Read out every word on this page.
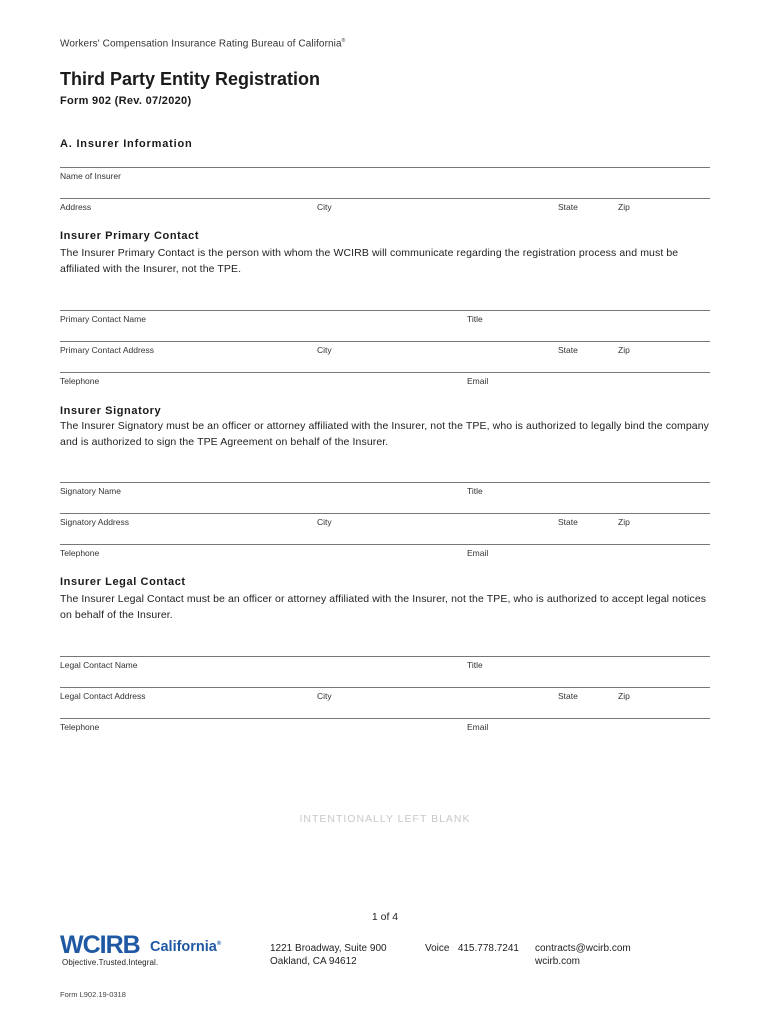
Workers' Compensation Insurance Rating Bureau of California®
Third Party Entity Registration
Form 902 (Rev. 07/2020)
A. Insurer Information
Name of Insurer
Address	City	State	Zip
Insurer Primary Contact
The Insurer Primary Contact is the person with whom the WCIRB will communicate regarding the registration process and must be affiliated with the Insurer, not the TPE.
Primary Contact Name	Title
Primary Contact Address	City	State	Zip
Telephone	Email
Insurer Signatory
The Insurer Signatory must be an officer or attorney affiliated with the Insurer, not the TPE, who is authorized to legally bind the company and is authorized to sign the TPE Agreement on behalf of the Insurer.
Signatory Name	Title
Signatory Address	City	State	Zip
Telephone	Email
Insurer Legal Contact
The Insurer Legal Contact must be an officer or attorney affiliated with the Insurer, not the TPE, who is authorized to accept legal notices on behalf of the Insurer.
Legal Contact Name	Title
Legal Contact Address	City	State	Zip
Telephone	Email
INTENTIONALLY LEFT BLANK
1 of 4
WCIRB California®
Objective.Trusted.Integral.
1221 Broadway, Suite 900
Oakland, CA 94612
Voice 415.778.7241 contracts@wcirb.com
wcirb.com
Form L902.19-0318
